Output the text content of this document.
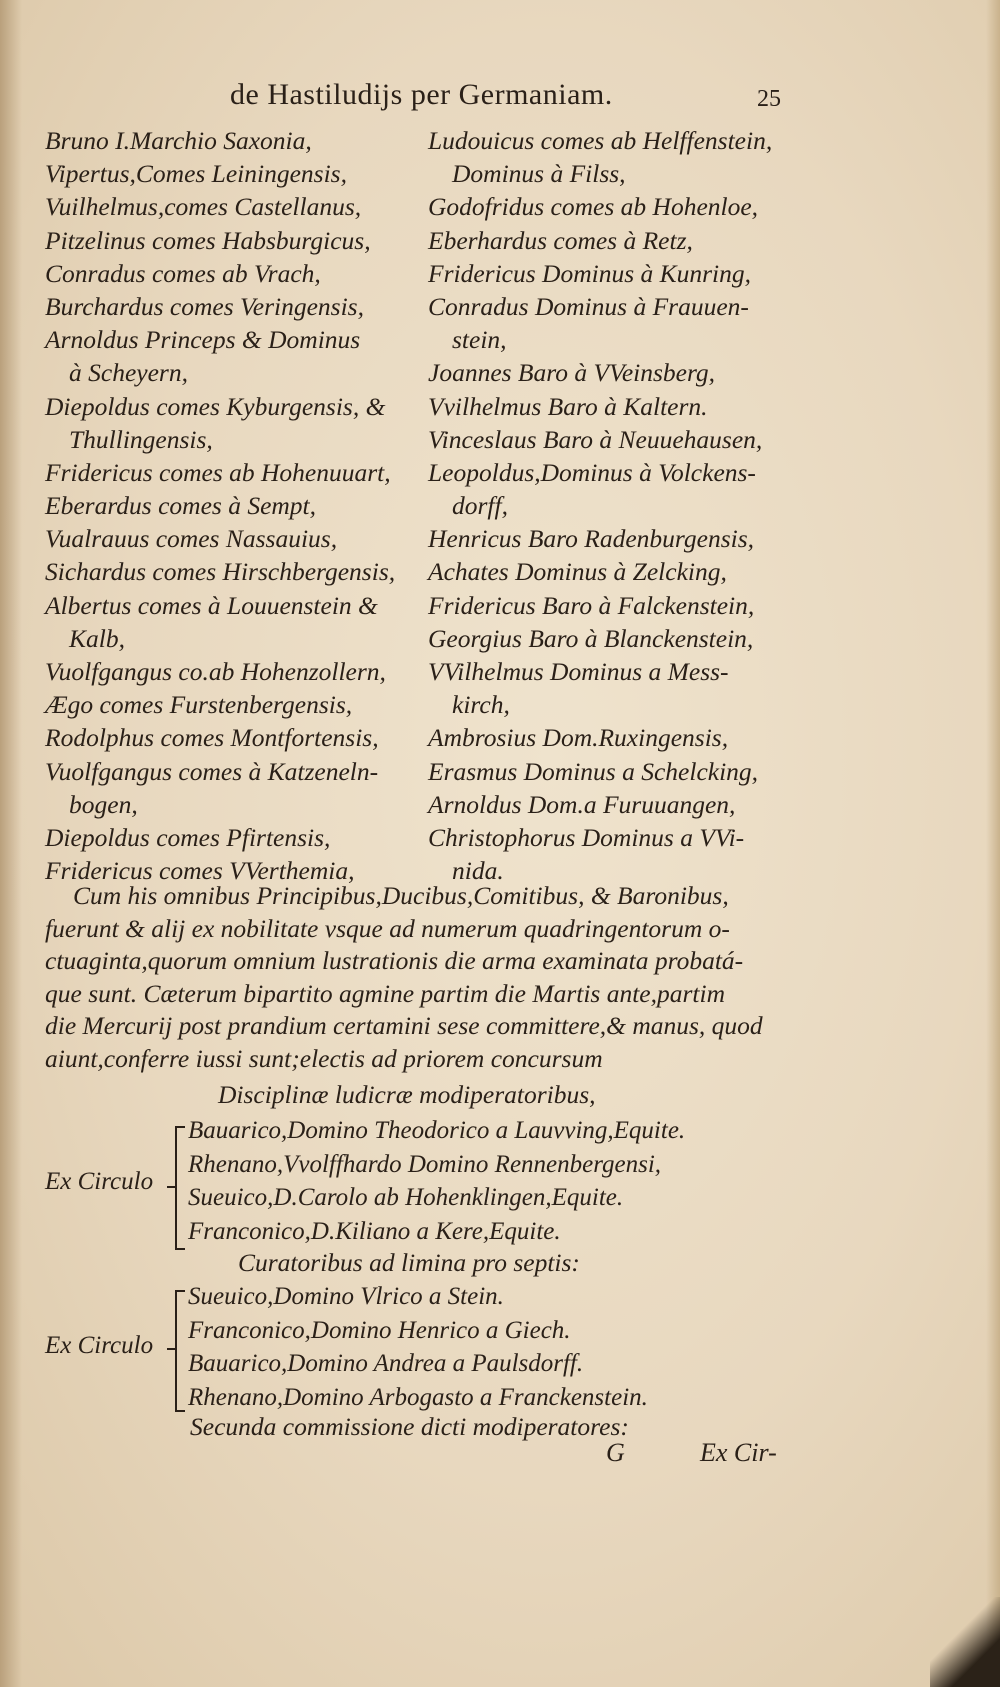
de Hastiludijs per Germaniam.	25
Bruno I.Marchio Saxonia,
Vipertus,Comes Leiningensis,
Vuilhelmus,comes Castellanus,
Pitzelinus comes Habsburgicus,
Conradus comes ab Vrach,
Burchardus comes Veringensis,
Arnoldus Princeps & Dominus
à Scheyern,
Diepoldus comes Kyburgensis, &
Thullingensis,
Fridericus comes ab Hohenuuart,
Eberardus comes à Sempt,
Vualrauus comes Nassauius,
Sichardus comes Hirschbergensis,
Albertus comes à Louuenstein &
Kalb,
Vuolfgangus co.ab Hohenzollern,
Ægo comes Furstenbergensis,
Rodolphus comes Montfortensis,
Vuolfgangus comes à Katzeneln-
bogen,
Diepoldus comes Pfirtensis,
Fridericus comes VVerthemia,
Ludouicus comes ab Helffenstein,
Dominus à Filss,
Godofridus comes ab Hohenloe,
Eberhardus comes à Retz,
Fridericus Dominus à Kunring,
Conradus Dominus à Frauuen-
stein,
Joannes Baro à VVeinsberg,
Vvilhelmus Baro à Kaltern.
Vinceslaus Baro à Neuuehausen,
Leopoldus,Dominus à Volckens-
dorff,
Henricus Baro Radenburgensis,
Achates Dominus à Zelcking,
Fridericus Baro à Falckenstein,
Georgius Baro à Blanckenstein,
VVilhelmus Dominus a Mess-
kirch,
Ambrosius Dom.Ruxingensis,
Erasmus Dominus a Schelcking,
Arnoldus Dom.a Furuuangen,
Christophorus Dominus a VVi-
nida.
Cum his omnibus Principibus,Ducibus,Comitibus, & Baronibus,
fuerunt & alij ex nobilitate vsque ad numerum quadringentorum o-
ctuaginta,quorum omnium lustrationis die arma examinata probatá-
que sunt. Cæterum bipartito agmine partim die Martis ante,partim
die Mercurij post prandium certamini sese committere,& manus, quod
aiunt,conferre iussi sunt;electis ad priorem concursum
Disciplinæ ludicræ modiperatoribus,
Ex Circulo
Bauarico,Domino Theodorico a Lauvving,Equite.
Rhenano,Vvolffhardo Domino Rennenbergensi,
Sueuico,D.Carolo ab Hohenklingen,Equite.
Franconico,D.Kiliano a Kere,Equite.
Curatoribus ad limina pro septis:
Ex Circulo
Sueuico,Domino Vlrico a Stein.
Franconico,Domino Henrico a Giech.
Bauarico,Domino Andrea a Paulsdorff.
Rhenano,Domino Arbogasto a Franckenstein.
Secunda commissione dicti modiperatores:
G	Ex Cir-
